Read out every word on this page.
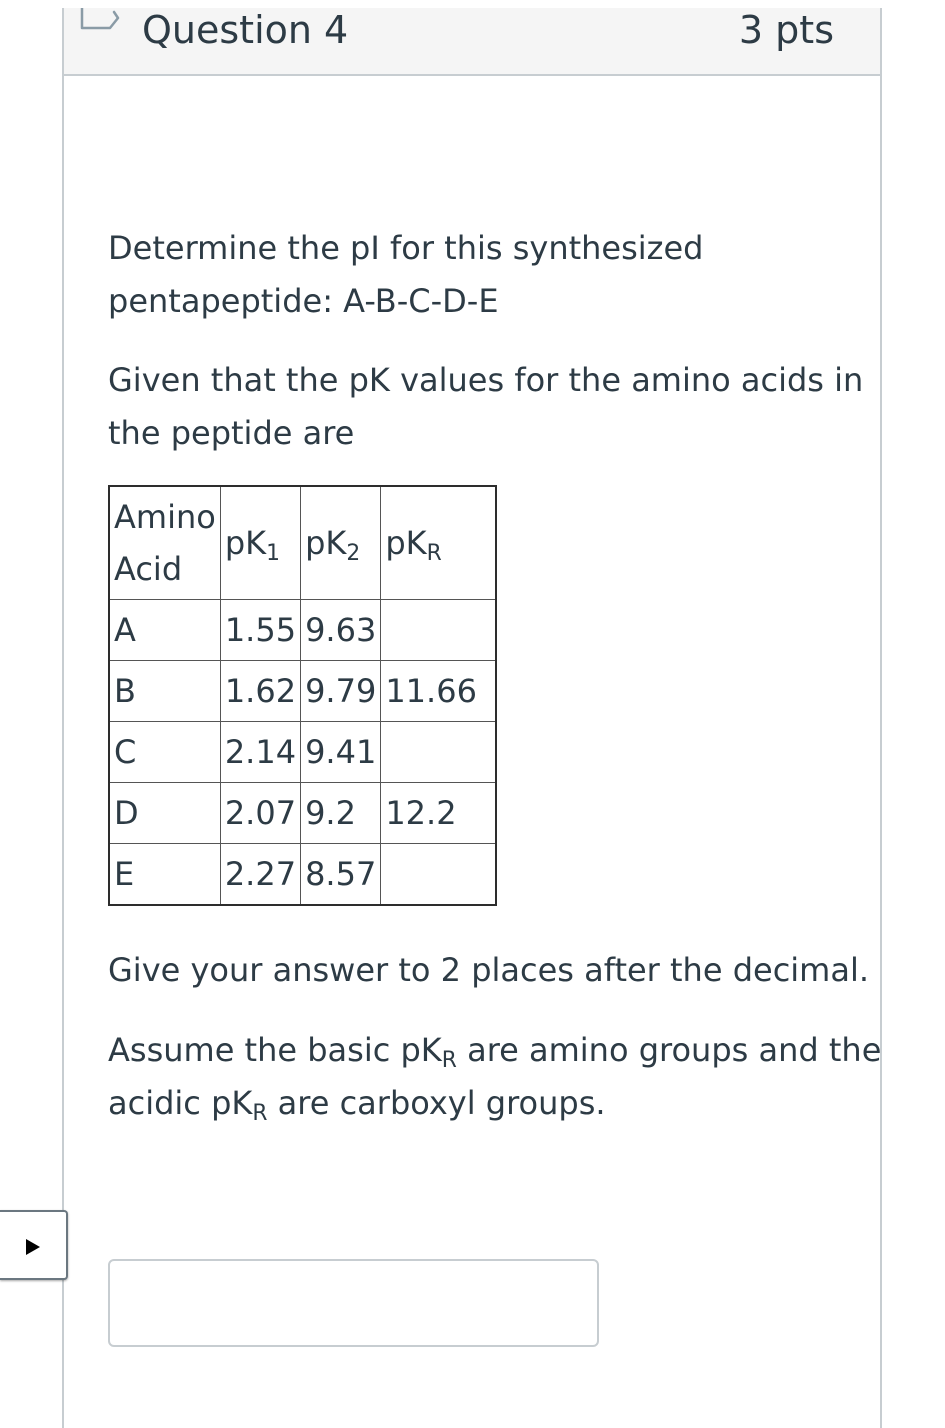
Question 4	3 pts
Determine the pI for this synthesized
pentapeptide: A-B-C-D-E
Given that the pK values for the amino acids in
the peptide are
Amino
Acid	$pK_1$	$pK_2$	$pK_R$
A	1.55	9.63	
B	1.62	9.79	11.66
C	2.14	9.41	
D	2.07	9.2	12.2
E	2.27	8.57	
Give your answer to 2 places after the decimal.
Assume the basic $pK_R$ are amino groups and the
acidic $pK_R$ are carboxyl groups.
